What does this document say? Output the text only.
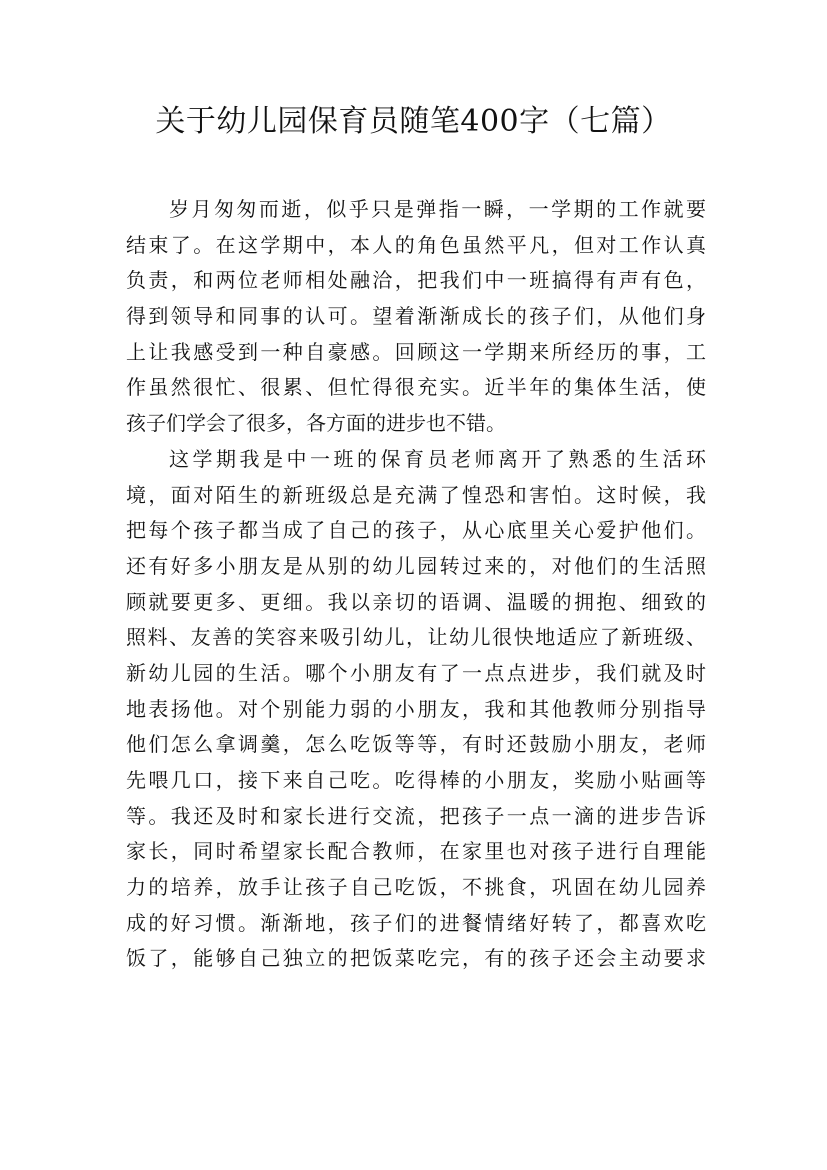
关于幼儿园保育员随笔400字（七篇）
岁月匆匆而逝，似乎只是弹指一瞬，一学期的工作就要
结束了。在这学期中，本人的角色虽然平凡，但对工作认真
负责，和两位老师相处融洽，把我们中一班搞得有声有色，
得到领导和同事的认可。望着渐渐成长的孩子们，从他们身
上让我感受到一种自豪感。回顾这一学期来所经历的事，工
作虽然很忙、很累、但忙得很充实。近半年的集体生活，使
孩子们学会了很多，各方面的进步也不错。
这学期我是中一班的保育员老师离开了熟悉的生活环
境，面对陌生的新班级总是充满了惶恐和害怕。这时候，我
把每个孩子都当成了自己的孩子，从心底里关心爱护他们。
还有好多小朋友是从别的幼儿园转过来的，对他们的生活照
顾就要更多、更细。我以亲切的语调、温暖的拥抱、细致的
照料、友善的笑容来吸引幼儿，让幼儿很快地适应了新班级、
新幼儿园的生活。哪个小朋友有了一点点进步，我们就及时
地表扬他。对个别能力弱的小朋友，我和其他教师分别指导
他们怎么拿调羹，怎么吃饭等等，有时还鼓励小朋友，老师
先喂几口，接下来自己吃。吃得棒的小朋友，奖励小贴画等
等。我还及时和家长进行交流，把孩子一点一滴的进步告诉
家长，同时希望家长配合教师，在家里也对孩子进行自理能
力的培养，放手让孩子自己吃饭，不挑食，巩固在幼儿园养
成的好习惯。渐渐地，孩子们的进餐情绪好转了，都喜欢吃
饭了，能够自己独立的把饭菜吃完，有的孩子还会主动要求
